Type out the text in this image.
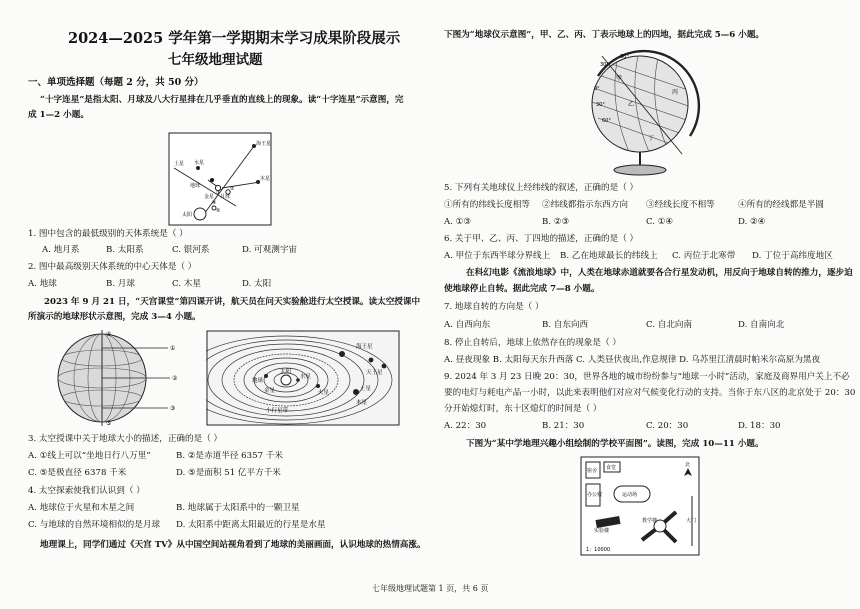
2024—2025 学年第一学期期末学习成果阶段展示
七年级地理试题
一、单项选择题（每题 2 分，共 50 分）
“十字连星”是指太阳、月球及八大行星排在几乎垂直的直线上的现象。读“十字连星”示意图，完
成 1—2 小题。
海王星
土星 水星
地球
金星
木星
月球
太阳
①
②
③
④
⑤
1. 图中包含的最低级别的天体系统是（ ）
A. 地月系	B. 太阳系	C. 银河系	D. 可观测宇宙
2. 图中最高级别天体系统的中心天体是（ ）
A. 地球	B. 月球	C. 木星	D. 太阳
2023 年 9 月 21 日，“天宫课堂”第四课开讲，航天员在问天实验舱进行太空授课。读太空授课中
所演示的地球形状示意图，完成 3—4 小题。
①
②
③
④
⑤
海王星
天王星
土星
木星
火星
地球
太阳
水星
金星
小行星带
3. 太空授课中关于地球大小的描述，正确的是（ ）
A. ①线上可以“坐地日行八万里”	B. ②是赤道半径 6357 千米
C. ⑤是极直径 6378 千米	D. ⑤是面积 51 亿平方千米
4. 太空探索使我们认识到（ ）
A. 地球位于火星和木星之间	B. 地球属于太阳系中的一颗卫星
C. 与地球的自然环境相似的是月球 D. 太阳系中距离太阳最近的行星是水星
地理课上，同学们通过《天宫 TV》从中国空间站视角看到了地球的美丽画面，认识地球的热情高涨。
下图为“地球仪示意图”，甲、乙、丙、丁表示地球上的四地，据此完成 5—6 小题。
甲
乙
丙
丁
30°
60°
0°
30°
60°
5. 下列有关地球仪上经纬线的叙述，正确的是（ ）
①所有的纬线长度相等 ②纬线都指示东西方向 ③经线长度不相等	④所有的经线都是半圆
A. ①③	B. ②③	C. ①④	D. ②④
6. 关于甲、乙、丙、丁四地的描述，正确的是（ ）
A. 甲位于东西半球分界线上 B. 乙在地球最长的纬线上 C. 丙位于北寒带 D. 丁位于高纬度地区
在科幻电影《流浪地球》中，人类在地球赤道就要各合行星发动机，用反向于地球自转的推力，逐步迫
使地球停止自转。据此完成 7—8 小题。
7. 地球自转的方向是（ ）
A. 自西向东	B. 自东向西	C. 自北向南	D. 自南向北
8. 停止自转后，地球上依然存在的现象是（ ）
A. 昼夜现象 B. 太阳每天东升西落 C. 人类昼伏夜出,作息规律 D. 乌苏里江清晨时帕米尔高原为黑夜
9. 2024 年 3 月 23 日晚 20：30，世界各地的城市纷纷参与“地球一小时”活动，家庭及商界用户关上不必
要的电灯与耗电产品一小时，以此来表明他们对应对气候变化行动的支持。当你于东八区的北京处于 20：30
分开始熄灯时，东十区熄灯的时间是（ ）
A. 22：30	B. 21：30	C. 20：30	D. 18：30
下图为“某中学地理兴趣小组绘制的学校平面图”。读图，完成 10—11 小题。
宿舍 食堂
办公楼	运动场
实验楼
教学楼	大门
北
1：10000
七年级地理试题第 1 页，共 6 页
